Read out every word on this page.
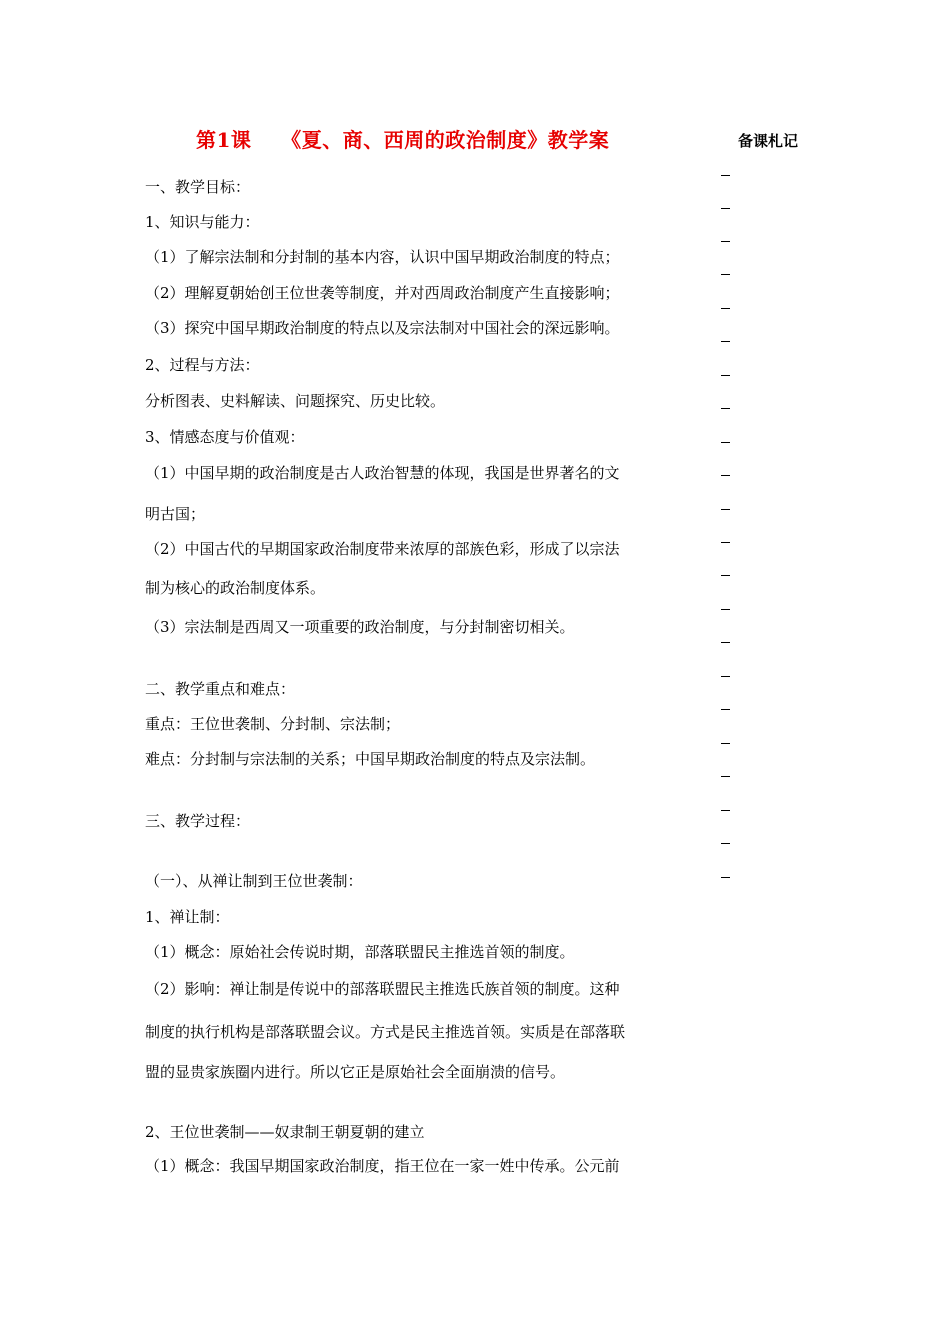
第1课    《夏、商、西周的政治制度》教学案	备课札记
一、教学目标：
1、知识与能力：
（1）了解宗法制和分封制的基本内容，认识中国早期政治制度的特点；
（2）理解夏朝始创王位世袭等制度，并对西周政治制度产生直接影响；
（3）探究中国早期政治制度的特点以及宗法制对中国社会的深远影响。
2、过程与方法：
分析图表、史料解读、问题探究、历史比较。
3、情感态度与价值观：
（1）中国早期的政治制度是古人政治智慧的体现，我国是世界著名的文
明古国；
（2）中国古代的早期国家政治制度带来浓厚的部族色彩，形成了以宗法
制为核心的政治制度体系。
（3）宗法制是西周又一项重要的政治制度，与分封制密切相关。
二、教学重点和难点：
重点：王位世袭制、分封制、宗法制；
难点：分封制与宗法制的关系；中国早期政治制度的特点及宗法制。
三、教学过程：
（一）、从禅让制到王位世袭制：
1、禅让制：
（1）概念：原始社会传说时期，部落联盟民主推选首领的制度。
（2）影响：禅让制是传说中的部落联盟民主推选氏族首领的制度。这种
制度的执行机构是部落联盟会议。方式是民主推选首领。实质是在部落联
盟的显贵家族圈内进行。所以它正是原始社会全面崩溃的信号。
2、王位世袭制——奴隶制王朝夏朝的建立
（1）概念：我国早期国家政治制度，指王位在一家一姓中传承。公元前
